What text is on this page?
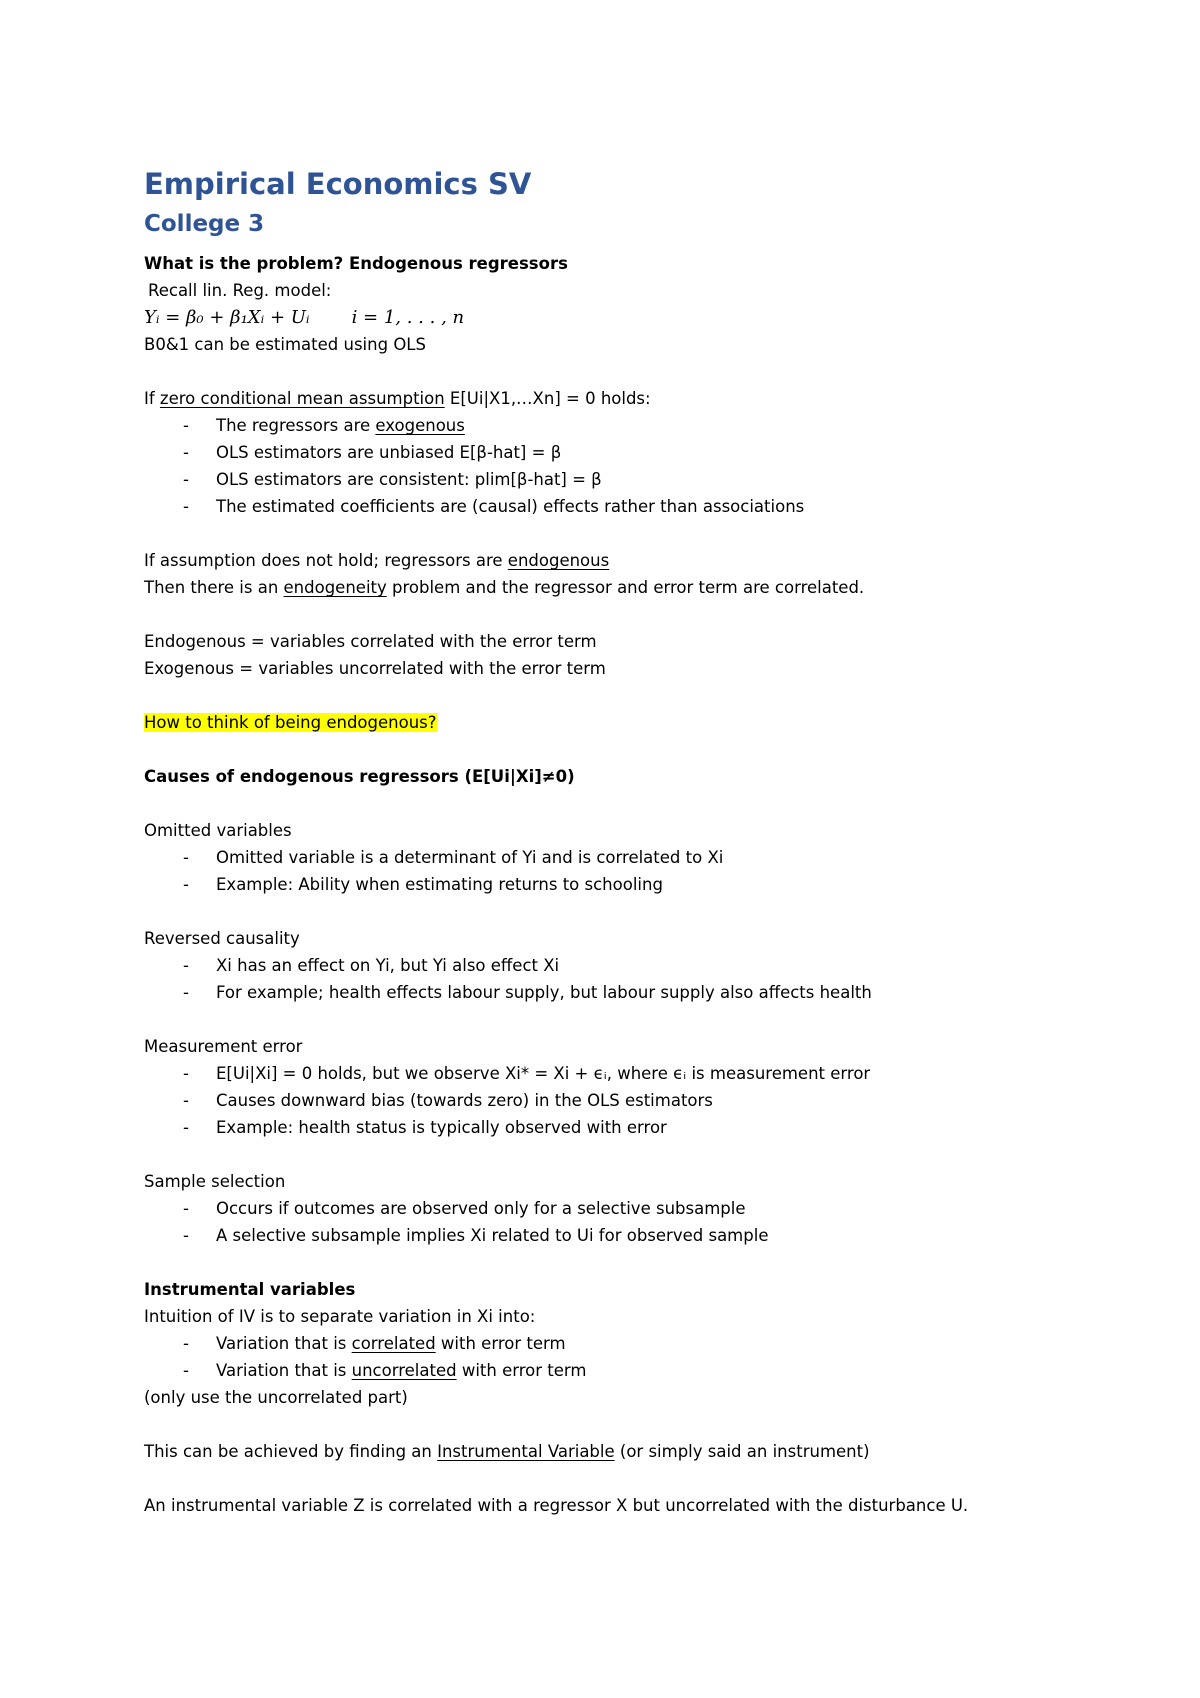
Empirical Economics SV
College 3
What is the problem? Endogenous regressors
Recall lin. Reg. model:
Yᵢ = β₀ + β₁Xᵢ + Uᵢ i = 1, . . . , n
B0&1 can be estimated using OLS
If zero conditional mean assumption E[Ui|X1,…Xn] = 0 holds:
- The regressors are exogenous
- OLS estimators are unbiased E[β-hat] = β
- OLS estimators are consistent: plim[β-hat] = β
- The estimated coefficients are (causal) effects rather than associations
If assumption does not hold; regressors are endogenous
Then there is an endogeneity problem and the regressor and error term are correlated.
Endogenous = variables correlated with the error term
Exogenous = variables uncorrelated with the error term
How to think of being endogenous?
Causes of endogenous regressors (E[Ui|Xi]≠0)
Omitted variables
- Omitted variable is a determinant of Yi and is correlated to Xi
- Example: Ability when estimating returns to schooling
Reversed causality
- Xi has an effect on Yi, but Yi also effect Xi
- For example; health effects labour supply, but labour supply also affects health
Measurement error
- E[Ui|Xi] = 0 holds, but we observe Xi* = Xi + ϵᵢ, where ϵᵢ is measurement error
- Causes downward bias (towards zero) in the OLS estimators
- Example: health status is typically observed with error
Sample selection
- Occurs if outcomes are observed only for a selective subsample
- A selective subsample implies Xi related to Ui for observed sample
Instrumental variables
Intuition of IV is to separate variation in Xi into:
- Variation that is correlated with error term
- Variation that is uncorrelated with error term
(only use the uncorrelated part)
This can be achieved by finding an Instrumental Variable (or simply said an instrument)
An instrumental variable Z is correlated with a regressor X but uncorrelated with the disturbance U.
